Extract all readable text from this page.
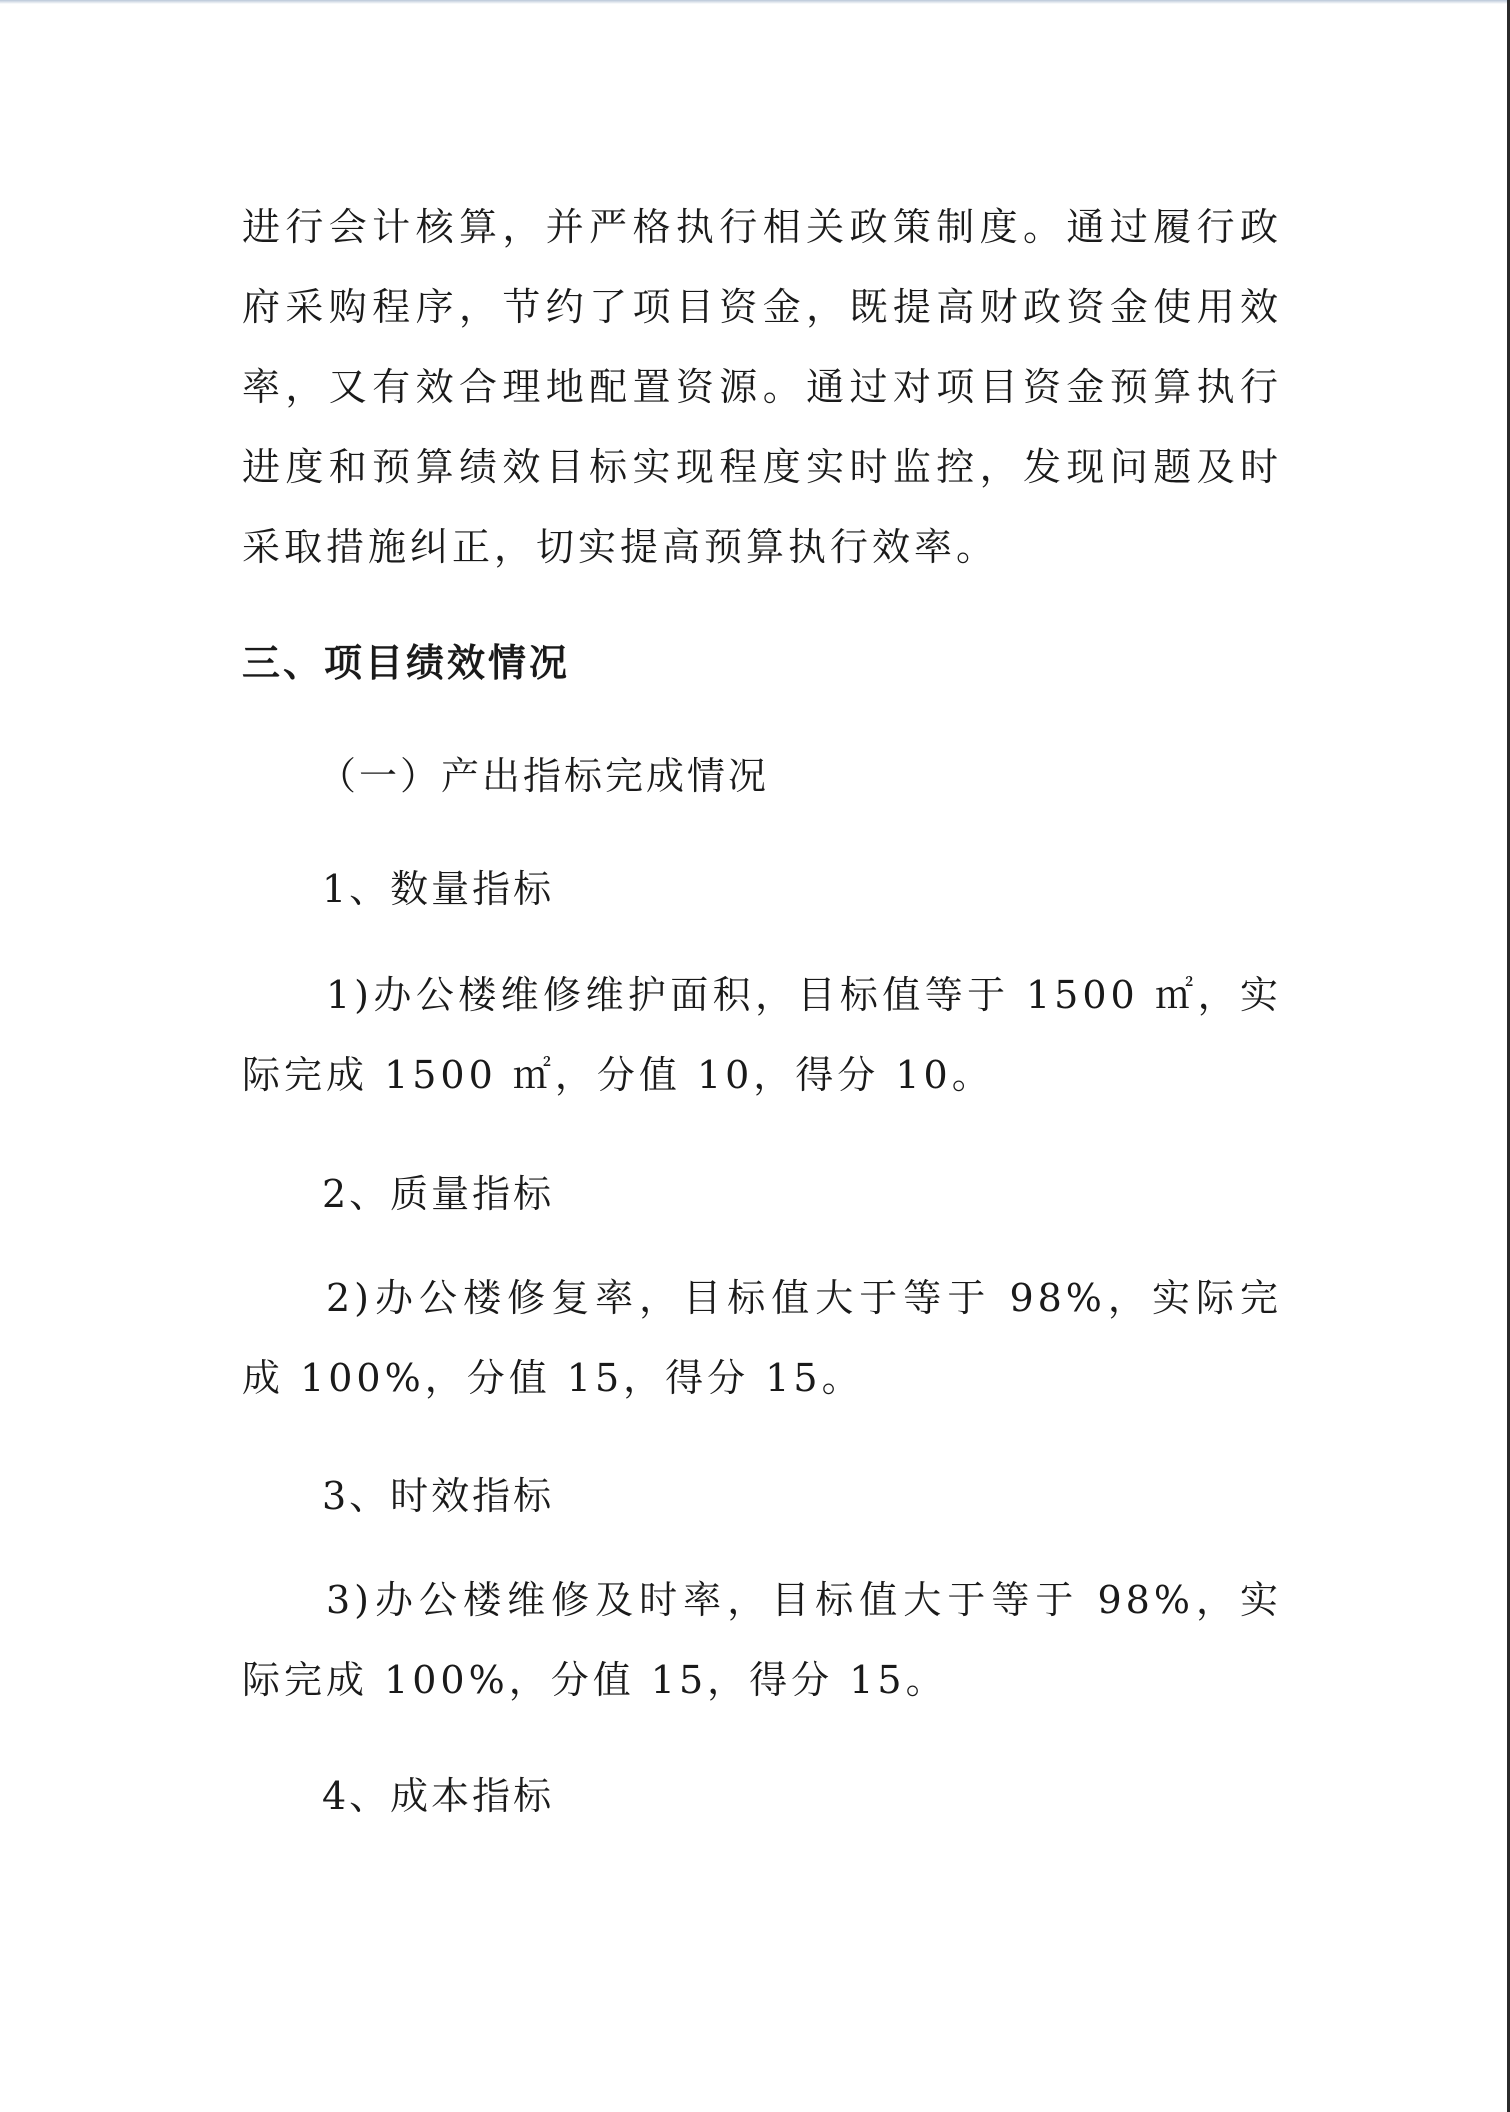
进行会计核算，并严格执行相关政策制度。通过履行政府采购程序，节约了项目资金，既提高财政资金使用效率，又有效合理地配置资源。通过对项目资金预算执行进度和预算绩效目标实现程度实时监控，发现问题及时采取措施纠正，切实提高预算执行效率。

三、项目绩效情况

（一）产出指标完成情况

1、数量指标

1)办公楼维修维护面积，目标值等于 1500 ㎡，实际完成 1500 ㎡，分值 10，得分 10。

2、质量指标

2)办公楼修复率，目标值大于等于 98%，实际完成 100%，分值 15，得分 15。

3、时效指标

3)办公楼维修及时率，目标值大于等于 98%，实际完成 100%，分值 15，得分 15。

4、成本指标
